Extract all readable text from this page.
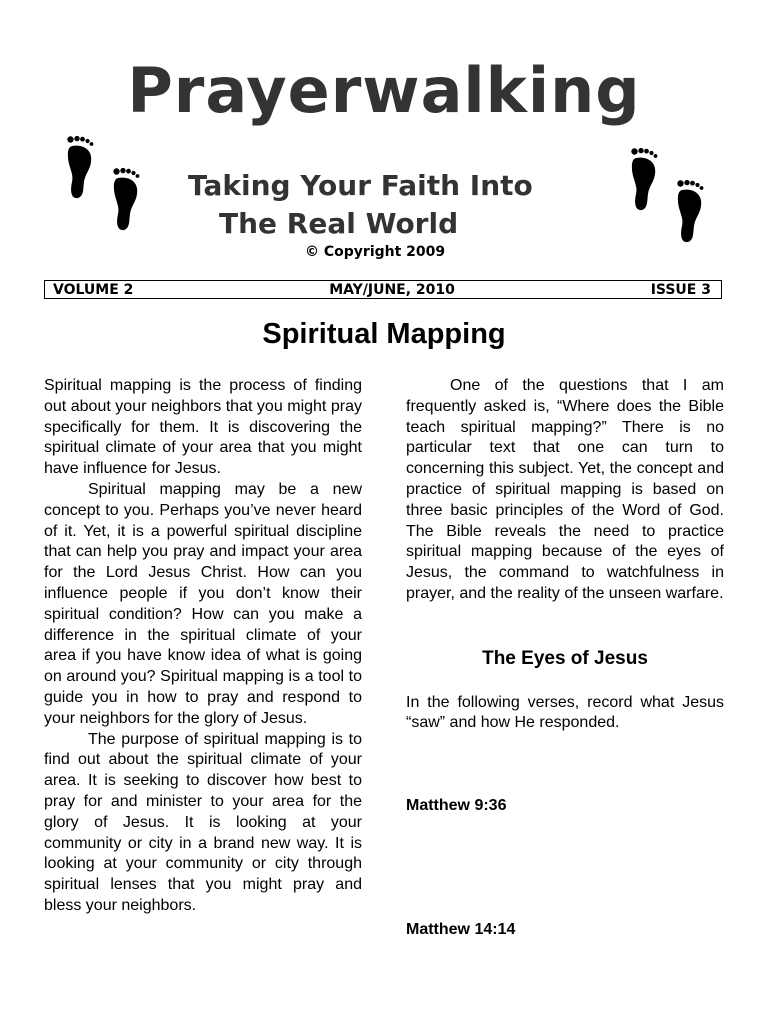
Prayerwalking
Taking Your Faith Into
The Real World
© Copyright 2009
VOLUME 2	MAY/JUNE, 2010	ISSUE 3
Spiritual Mapping

Spiritual mapping is the process of finding out about your neighbors that you might pray specifically for them. It is discovering the spiritual climate of your area that you might have influence for Jesus.

Spiritual mapping may be a new concept to you. Perhaps you’ve never heard of it. Yet, it is a powerful spiritual discipline that can help you pray and impact your area for the Lord Jesus Christ. How can you influence people if you don’t know their spiritual condition? How can you make a difference in the spiritual climate of your area if you have know idea of what is going on around you? Spiritual mapping is a tool to guide you in how to pray and respond to your neighbors for the glory of Jesus.

The purpose of spiritual mapping is to find out about the spiritual climate of your area. It is seeking to discover how best to pray for and minister to your area for the glory of Jesus. It is looking at your community or city in a brand new way. It is looking at your community or city through spiritual lenses that you might pray and bless your neighbors.

One of the questions that I am frequently asked is, “Where does the Bible teach spiritual mapping?” There is no particular text that one can turn to concerning this subject. Yet, the concept and practice of spiritual mapping is based on three basic principles of the Word of God. The Bible reveals the need to practice spiritual mapping because of the eyes of Jesus, the command to watchfulness in prayer, and the reality of the unseen warfare.

The Eyes of Jesus

In the following verses, record what Jesus “saw” and how He responded.

Matthew 9:36
Matthew 14:14
